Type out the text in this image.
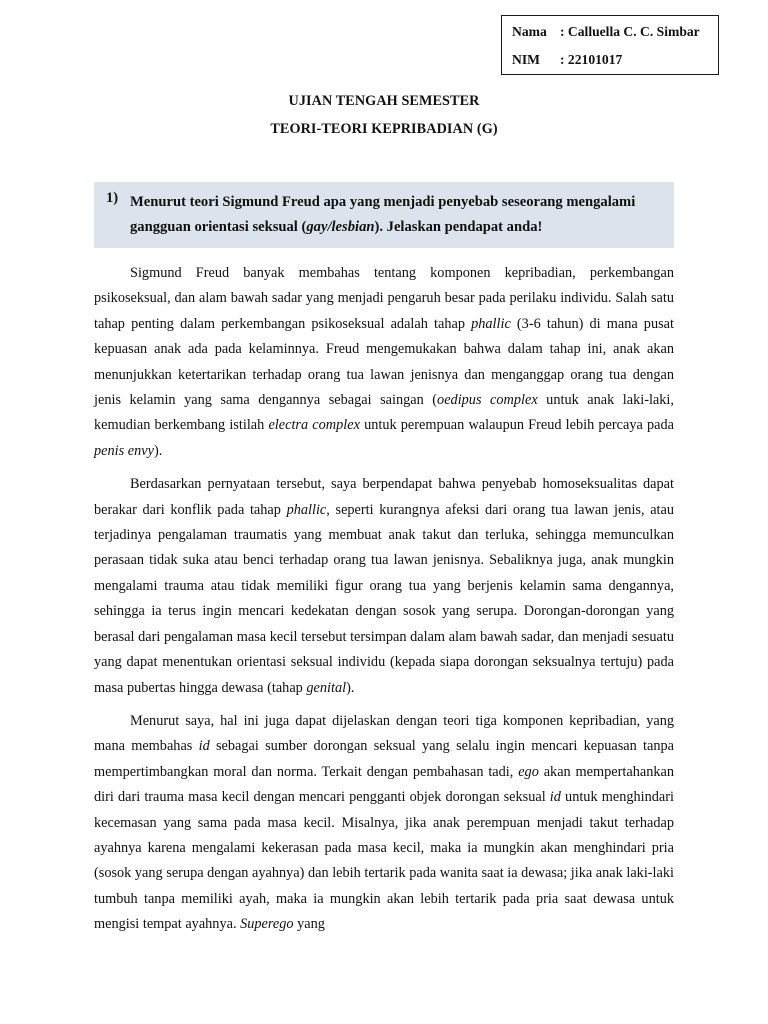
Nama : Calluella C. C. Simbar
NIM : 22101017
UJIAN TENGAH SEMESTER
TEORI-TEORI KEPRIBADIAN (G)
1) Menurut teori Sigmund Freud apa yang menjadi penyebab seseorang mengalami gangguan orientasi seksual (gay/lesbian). Jelaskan pendapat anda!

Sigmund Freud banyak membahas tentang komponen kepribadian, perkembangan psikoseksual, dan alam bawah sadar yang menjadi pengaruh besar pada perilaku individu. Salah satu tahap penting dalam perkembangan psikoseksual adalah tahap phallic (3-6 tahun) di mana pusat kepuasan anak ada pada kelaminnya. Freud mengemukakan bahwa dalam tahap ini, anak akan menunjukkan ketertarikan terhadap orang tua lawan jenisnya dan menganggap orang tua dengan jenis kelamin yang sama dengannya sebagai saingan (oedipus complex untuk anak laki-laki, kemudian berkembang istilah electra complex untuk perempuan walaupun Freud lebih percaya pada penis envy).

Berdasarkan pernyataan tersebut, saya berpendapat bahwa penyebab homoseksualitas dapat berakar dari konflik pada tahap phallic, seperti kurangnya afeksi dari orang tua lawan jenis, atau terjadinya pengalaman traumatis yang membuat anak takut dan terluka, sehingga memunculkan perasaan tidak suka atau benci terhadap orang tua lawan jenisnya. Sebaliknya juga, anak mungkin mengalami trauma atau tidak memiliki figur orang tua yang berjenis kelamin sama dengannya, sehingga ia terus ingin mencari kedekatan dengan sosok yang serupa. Dorongan-dorongan yang berasal dari pengalaman masa kecil tersebut tersimpan dalam alam bawah sadar, dan menjadi sesuatu yang dapat menentukan orientasi seksual individu (kepada siapa dorongan seksualnya tertuju) pada masa pubertas hingga dewasa (tahap genital).

Menurut saya, hal ini juga dapat dijelaskan dengan teori tiga komponen kepribadian, yang mana membahas id sebagai sumber dorongan seksual yang selalu ingin mencari kepuasan tanpa mempertimbangkan moral dan norma. Terkait dengan pembahasan tadi, ego akan mempertahankan diri dari trauma masa kecil dengan mencari pengganti objek dorongan seksual id untuk menghindari kecemasan yang sama pada masa kecil. Misalnya, jika anak perempuan menjadi takut terhadap ayahnya karena mengalami kekerasan pada masa kecil, maka ia mungkin akan menghindari pria (sosok yang serupa dengan ayahnya) dan lebih tertarik pada wanita saat ia dewasa; jika anak laki-laki tumbuh tanpa memiliki ayah, maka ia mungkin akan lebih tertarik pada pria saat dewasa untuk mengisi tempat ayahnya. Superego yang
